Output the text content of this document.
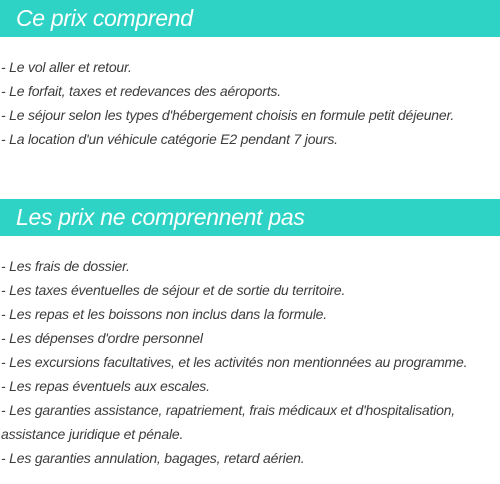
Ce prix comprend
- Le vol aller et retour.
- Le forfait, taxes et redevances des aéroports.
- Le séjour selon les types d'hébergement choisis en formule petit déjeuner.
- La location d'un véhicule catégorie E2 pendant 7 jours.
Les prix ne comprennent pas
- Les frais de dossier.
- Les taxes éventuelles de séjour et de sortie du territoire.
- Les repas et les boissons non inclus dans la formule.
- Les dépenses d'ordre personnel
- Les excursions facultatives, et les activités non mentionnées au programme.
- Les repas éventuels aux escales.
- Les garanties assistance, rapatriement, frais médicaux et d'hospitalisation, assistance juridique et pénale.
- Les garanties annulation, bagages, retard aérien.
